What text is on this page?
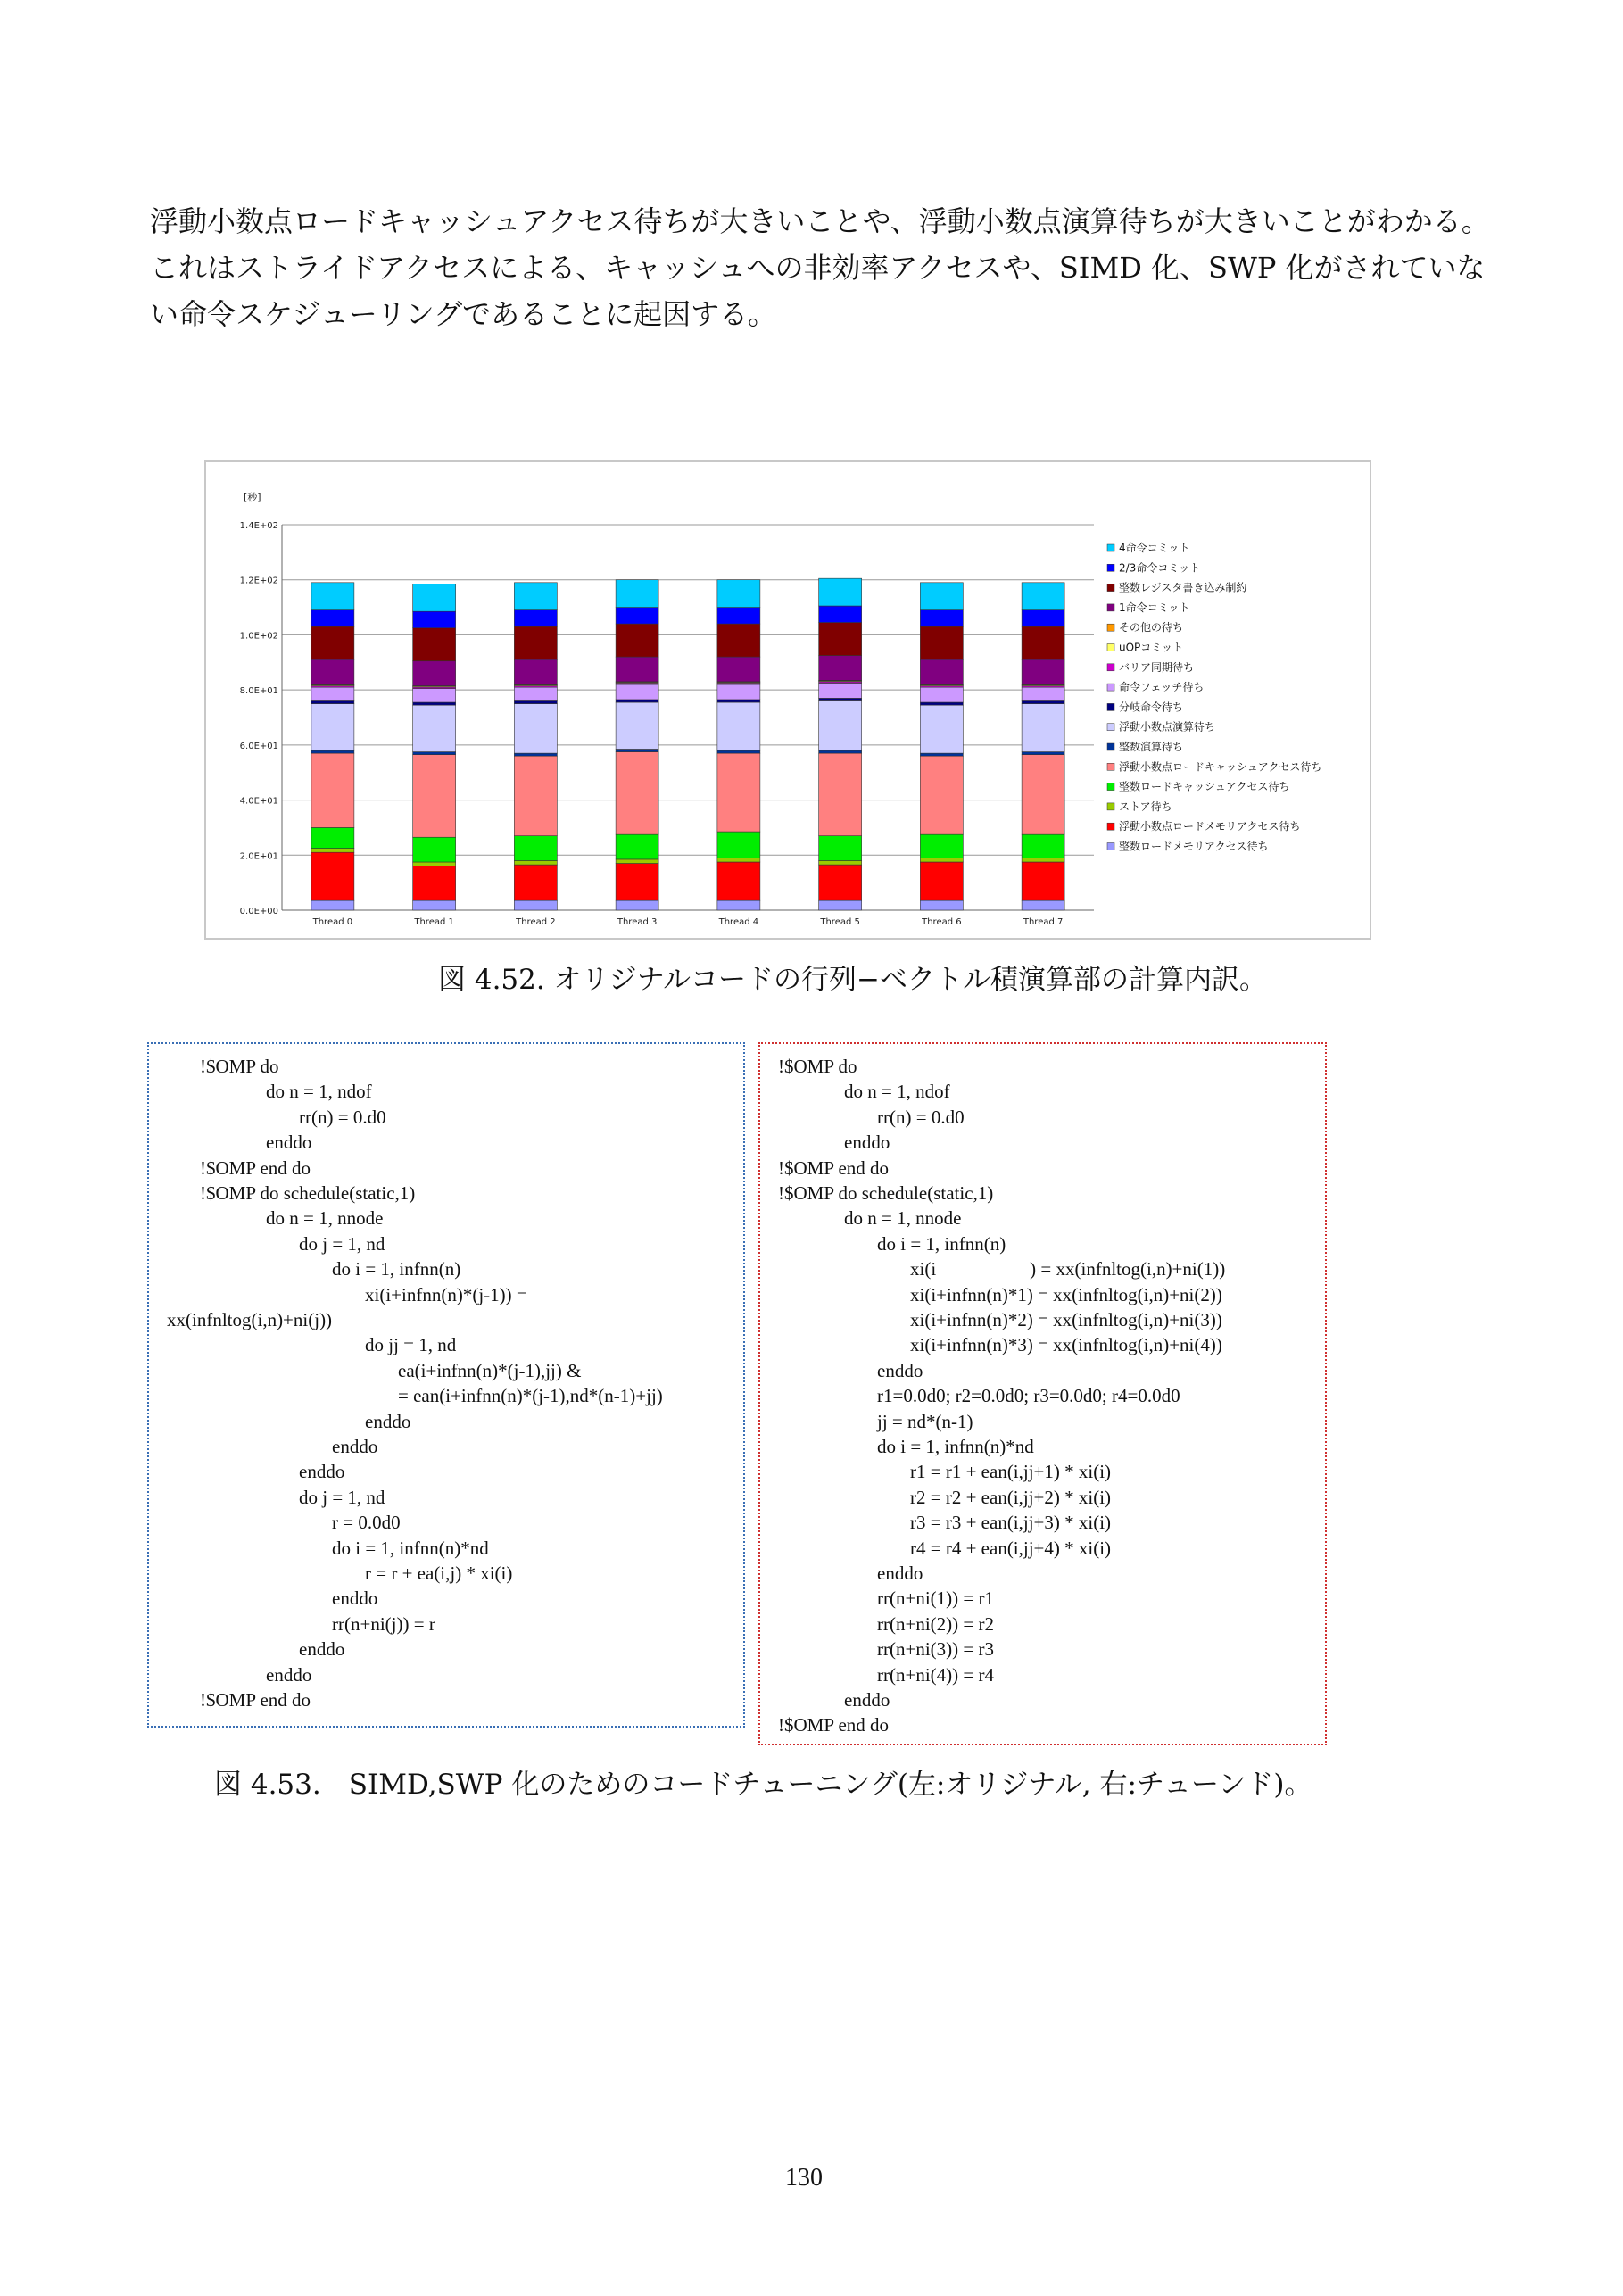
浮動小数点ロードキャッシュアクセス待ちが大きいことや、浮動小数点演算待ちが大きいことがわかる。
これはストライドアクセスによる、キャッシュへの非効率アクセスや、SIMD 化、SWP 化がされていな
い命令スケジューリングであることに起因する。
[秒]
0.0E+00
2.0E+01
4.0E+01
6.0E+01
8.0E+01
1.0E+02
1.2E+02
1.4E+02
Thread 0	Thread 1	Thread 2	Thread 3	Thread 4	Thread 5	Thread 6	Thread 7
4命令コミット
2/3命令コミット
整数レジスタ書き込み制約
1命令コミット
その他の待ち
uOPコミット
バリア同期待ち
命令フェッチ待ち
分岐命令待ち
浮動小数点演算待ち
整数演算待ち
浮動小数点ロードキャッシュアクセス待ち
整数ロードキャッシュアクセス待ち
ストア待ち
浮動小数点ロードメモリアクセス待ち
整数ロードメモリアクセス待ち
図 4.52. オリジナルコードの行列−ベクトル積演算部の計算内訳。
!$OMP do
do n = 1, ndof
rr(n) = 0.d0
enddo
!$OMP end do
!$OMP do schedule(static,1)
do n = 1, nnode
do j = 1, nd
do i = 1, infnn(n)
xi(i+infnn(n)*(j-1)) =
xx(infnltog(i,n)+ni(j))
do jj = 1, nd
ea(i+infnn(n)*(j-1),jj) &
= ean(i+infnn(n)*(j-1),nd*(n-1)+jj)
enddo
enddo
enddo
do j = 1, nd
r = 0.0d0
do i = 1, infnn(n)*nd
r = r + ea(i,j) * xi(i)
enddo
rr(n+ni(j)) = r
enddo
enddo
!$OMP end do
!$OMP do
do n = 1, ndof
rr(n) = 0.d0
enddo
!$OMP end do
!$OMP do schedule(static,1)
do n = 1, nnode
do i = 1, infnn(n)
xi(i                    ) = xx(infnltog(i,n)+ni(1))
xi(i+infnn(n)*1) = xx(infnltog(i,n)+ni(2))
xi(i+infnn(n)*2) = xx(infnltog(i,n)+ni(3))
xi(i+infnn(n)*3) = xx(infnltog(i,n)+ni(4))
enddo
r1=0.0d0; r2=0.0d0; r3=0.0d0; r4=0.0d0
jj = nd*(n-1)
do i = 1, infnn(n)*nd
r1 = r1 + ean(i,jj+1) * xi(i)
r2 = r2 + ean(i,jj+2) * xi(i)
r3 = r3 + ean(i,jj+3) * xi(i)
r4 = r4 + ean(i,jj+4) * xi(i)
enddo
rr(n+ni(1)) = r1
rr(n+ni(2)) = r2
rr(n+ni(3)) = r3
rr(n+ni(4)) = r4
enddo
!$OMP end do
図 4.53.　SIMD,SWP 化のためのコードチューニング(左:オリジナル, 右:チューンド)。
130
